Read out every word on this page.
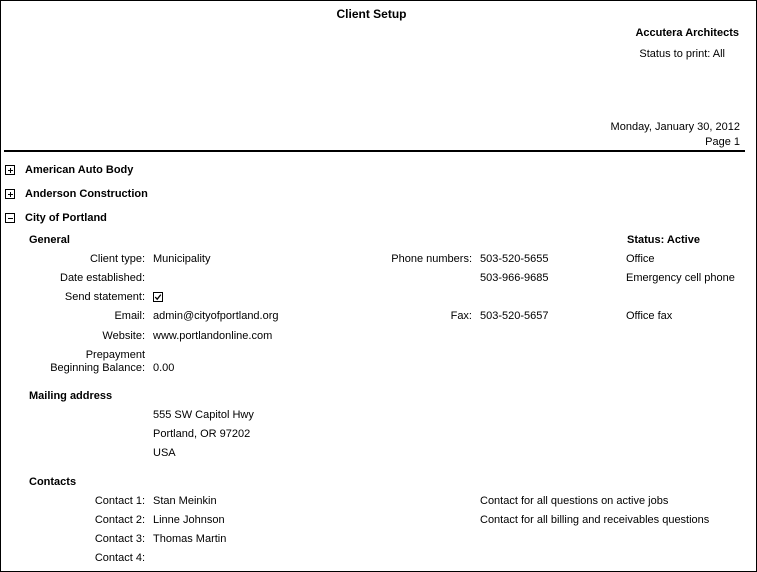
Client Setup
Accutera Architects
Status to print: All
Monday, January 30, 2012
Page 1
American Auto Body
Anderson Construction
City of Portland
General	Status: Active
Client type: Municipality
Date established:
Send statement:
Email: admin@cityofportland.org
Website: www.portlandonline.com
Prepayment
Beginning Balance: 0.00
Phone numbers: 503-520-5655	Office
503-966-9685	Emergency cell phone
Fax: 503-520-5657	Office fax
Mailing address
555 SW Capitol Hwy
Portland, OR 97202
USA
Contacts
Contact 1: Stan Meinkin	Contact for all questions on active jobs
Contact 2: Linne Johnson	Contact for all billing and receivables questions
Contact 3: Thomas Martin
Contact 4:
